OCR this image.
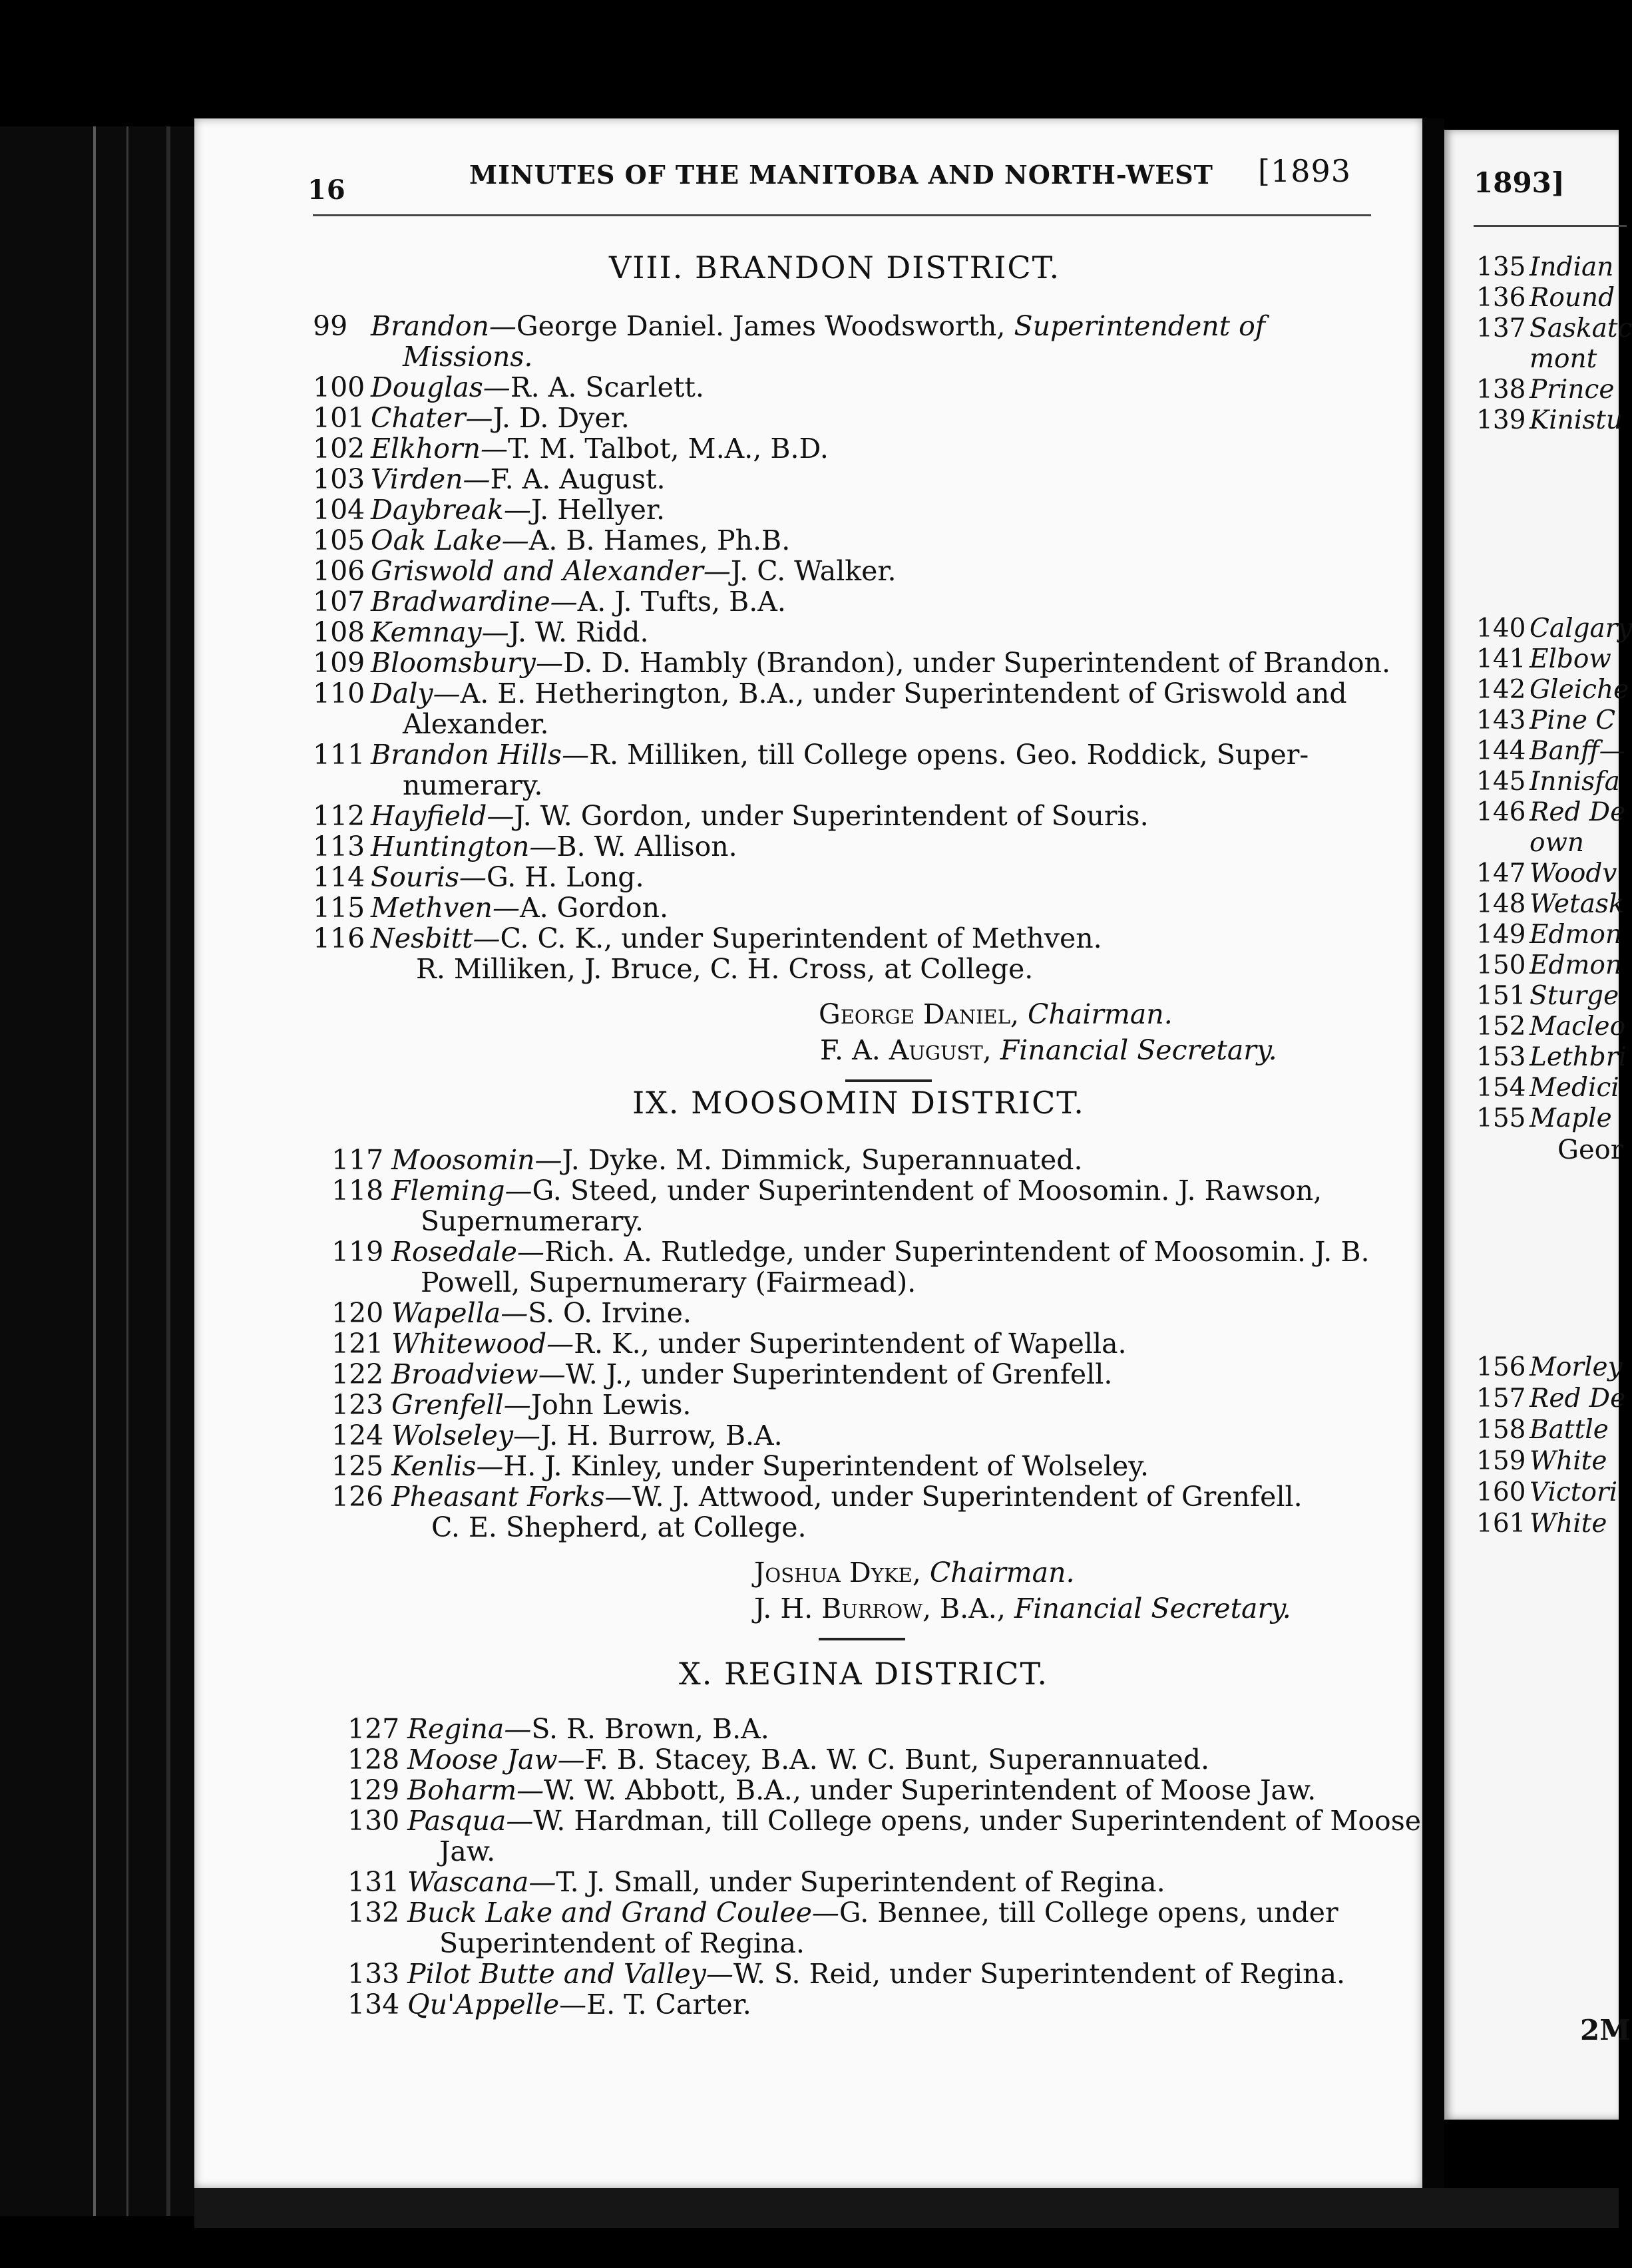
16	MINUTES OF THE MANITOBA AND NORTH-WEST [1893
VIII. BRANDON DISTRICT.
99 Brandon—George Daniel. James Woodsworth, Superintendent of
Missions.
100 Douglas—R. A. Scarlett.
101 Chater—J. D. Dyer.
102 Elkhorn—T. M. Talbot, M.A., B.D.
103 Virden—F. A. August.
104 Daybreak—J. Hellyer.
105 Oak Lake—A. B. Hames, Ph.B.
106 Griswold and Alexander—J. C. Walker.
107 Bradwardine—A. J. Tufts, B.A.
108 Kemnay—J. W. Ridd.
109 Bloomsbury—D. D. Hambly (Brandon), under Superintendent of Brandon.
110 Daly—A. E. Hetherington, B.A., under Superintendent of Griswold and
Alexander.
111 Brandon Hills—R. Milliken, till College opens. Geo. Roddick, Super-
numerary.
112 Hayfield—J. W. Gordon, under Superintendent of Souris.
113 Huntington—B. W. Allison.
114 Souris—G. H. Long.
115 Methven—A. Gordon.
116 Nesbitt—C. C. K., under Superintendent of Methven.
R. Milliken, J. Bruce, C. H. Cross, at College.
George Daniel, Chairman.
F. A. August, Financial Secretary.
IX. MOOSOMIN DISTRICT.
117 Moosomin—J. Dyke. M. Dimmick, Superannuated.
118 Fleming—G. Steed, under Superintendent of Moosomin. J. Rawson,
Supernumerary.
119 Rosedale—Rich. A. Rutledge, under Superintendent of Moosomin. J. B.
Powell, Supernumerary (Fairmead).
120 Wapella—S. O. Irvine.
121 Whitewood—R. K., under Superintendent of Wapella.
122 Broadview—W. J., under Superintendent of Grenfell.
123 Grenfell—John Lewis.
124 Wolseley—J. H. Burrow, B.A.
125 Kenlis—H. J. Kinley, under Superintendent of Wolseley.
126 Pheasant Forks—W. J. Attwood, under Superintendent of Grenfell.
C. E. Shepherd, at College.
Joshua Dyke, Chairman.
J. H. Burrow, B.A., Financial Secretary.
X. REGINA DISTRICT.
127 Regina—S. R. Brown, B.A.
128 Moose Jaw—F. B. Stacey, B.A. W. C. Bunt, Superannuated.
129 Boharm—W. W. Abbott, B.A., under Superintendent of Moose Jaw.
130 Pasqua—W. Hardman, till College opens, under Superintendent of Moose
Jaw.
131 Wascana—T. J. Small, under Superintendent of Regina.
132 Buck Lake and Grand Coulee—G. Bennee, till College opens, under
Superintendent of Regina.
133 Pilot Butte and Valley—W. S. Reid, under Superintendent of Regina.
134 Qu'Appelle—E. T. Carter.
1893]
135 Indian
136 Round
137 Saskatc
mont
138 Prince
139 Kinistu
140 Calgary
141 Elbow
142 Gleiche
143 Pine C
144 Banff—
145 Innisfa
146 Red De
own
147 Woodv
148 Wetask
149 Edmon
150 Edmon
151 Sturge
152 Macleo
153 Lethbri
154 Medici
155 Maple
Geor
156 Morley
157 Red De
158 Battle
159 White
160 Victori
161 White
2M
